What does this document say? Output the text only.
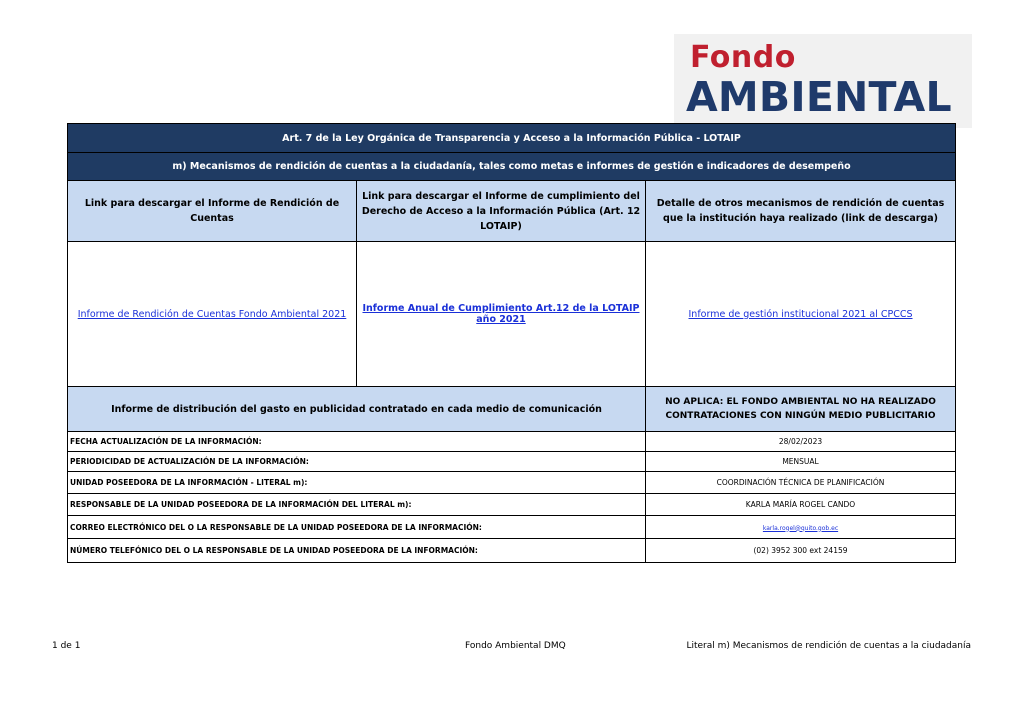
Fondo
AMBIENTAL
Art. 7 de la Ley Orgánica de Transparencia y Acceso a la Información Pública - LOTAIP		
m) Mecanismos de rendición de cuentas a la ciudadanía, tales como metas e informes de gestión e indicadores de desempeño		
Link para descargar el Informe de Rendición de Cuentas	Link para descargar el Informe de cumplimiento del Derecho de Acceso a la Información Pública (Art. 12 LOTAIP)	Detalle de otros mecanismos de rendición de cuentas que la institución haya realizado (link de descarga)
Informe de Rendición de Cuentas Fondo Ambiental 2021	Informe Anual de Cumplimiento Art.12 de la LOTAIP año 2021	Informe de gestión institucional 2021 al CPCCS
Informe de distribución del gasto en publicidad contratado en cada medio de comunicación		NO APLICA: EL FONDO AMBIENTAL NO HA REALIZADO CONTRATACIONES CON NINGÚN MEDIO PUBLICITARIO
FECHA ACTUALIZACIÓN DE LA INFORMACIÓN:		28/02/2023
PERIODICIDAD DE ACTUALIZACIÓN DE LA INFORMACIÓN:		MENSUAL
UNIDAD POSEEDORA DE LA INFORMACIÓN - LITERAL m):		COORDINACIÓN TÉCNICA DE PLANIFICACIÓN
RESPONSABLE DE LA UNIDAD POSEEDORA DE LA INFORMACIÓN DEL LITERAL m):		KARLA MARÍA ROGEL CANDO
CORREO ELECTRÓNICO DEL O LA RESPONSABLE DE LA UNIDAD POSEEDORA DE LA INFORMACIÓN:		karla.rogel@quito.gob.ec
NÚMERO TELEFÓNICO DEL O LA RESPONSABLE DE LA UNIDAD POSEEDORA DE LA INFORMACIÓN:		(02) 3952 300 ext 24159
1 de 1	Fondo Ambiental DMQ	Literal m) Mecanismos de rendición de cuentas a la ciudadanía
